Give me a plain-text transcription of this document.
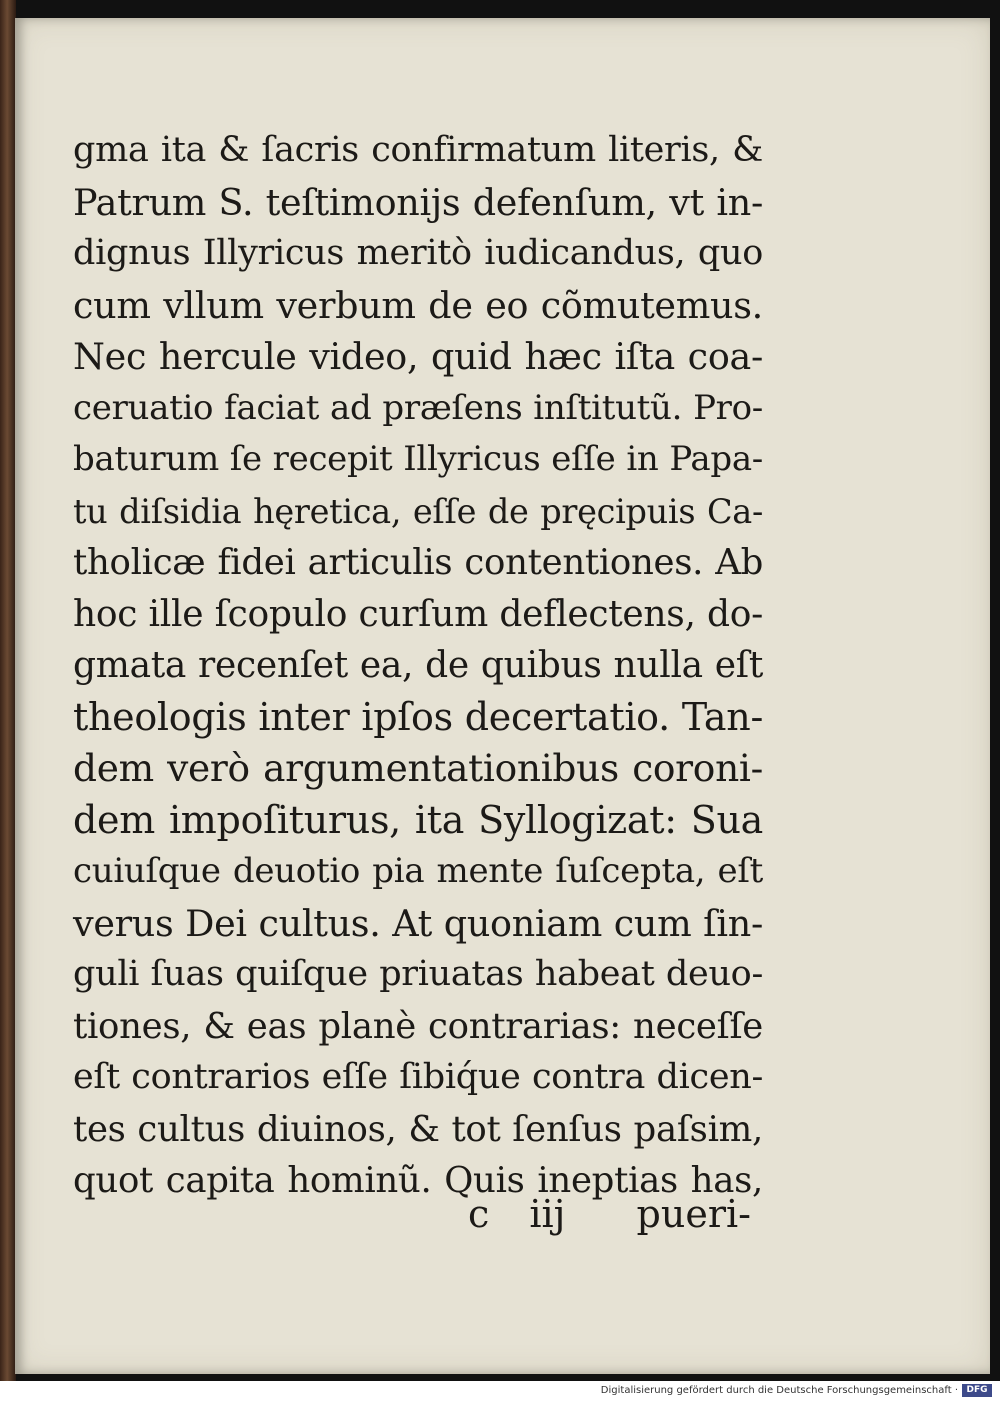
gma ita & ſacris confirmatum literis, &
Patrum S. teſtimonijs defenſum, vt in-
dignus Illyricus meritò iudicandus, quo
cum vllum verbum de eo cõmutemus.
Nec hercule video, quid hæc iſta coa-
ceruatio faciat ad præſens inſtitutũ. Pro-
baturum ſe recepit Illyricus eſſe in Papa-
tu diſsidia hęretica, eſſe de pręcipuis Ca-
tholicæ fidei articulis contentiones. Ab
hoc ille ſcopulo curſum deflectens, do-
gmata recenſet ea, de quibus nulla eſt
theologis inter ipſos decertatio. Tan-
dem verò argumentationibus coroni-
dem impoſiturus, ita Syllogizat: Sua
cuiuſque deuotio pia mente ſuſcepta, eſt
verus Dei cultus. At quoniam cum ſin-
guli ſuas quiſque priuatas habeat deuo-
tiones, & eas planè contrarias: neceſſe
eſt contrarios eſſe ſibiq́ue contra dicen-
tes cultus diuinos, & tot ſenſus paſsim,
quot capita hominũ. Quis ineptias has,
c iij pueri-
Digitalisierung gefördert durch die Deutsche Forschungsgemeinschaft · DFG
